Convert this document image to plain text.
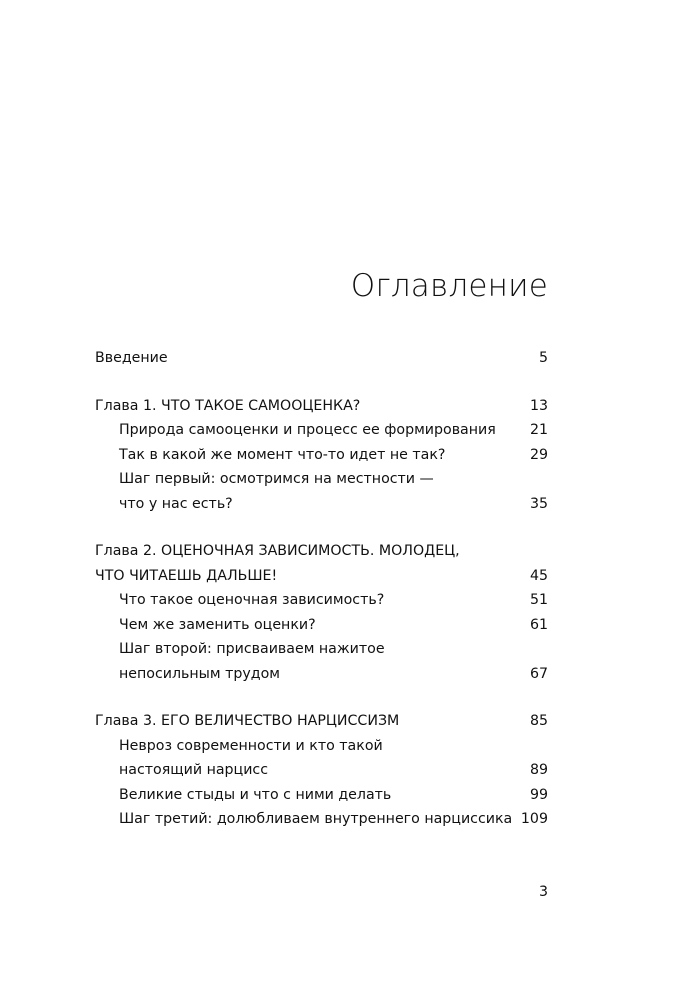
Оглавление
Введение	5
Глава 1. ЧТО ТАКОЕ САМООЦЕНКА?	13
Природа самооценки и процесс ее формирования 21
Так в какой же момент что-то идет не так?	29
Шаг первый: осмотримся на местности —
что у нас есть?	35
Глава 2. ОЦЕНОЧНАЯ ЗАВИСИМОСТЬ. МОЛОДЕЦ,
ЧТО ЧИТАЕШЬ ДАЛЬШЕ!	45
Что такое оценочная зависимость?	51
Чем же заменить оценки?	61
Шаг второй: присваиваем нажитое
непосильным трудом	67
Глава 3. ЕГО ВЕЛИЧЕСТВО НАРЦИССИЗМ	85
Невроз современности и кто такой
настоящий нарцисс	89
Великие стыды и что с ними делать	99
Шаг третий: долюбливаем внутреннего нарциссика 109
3
